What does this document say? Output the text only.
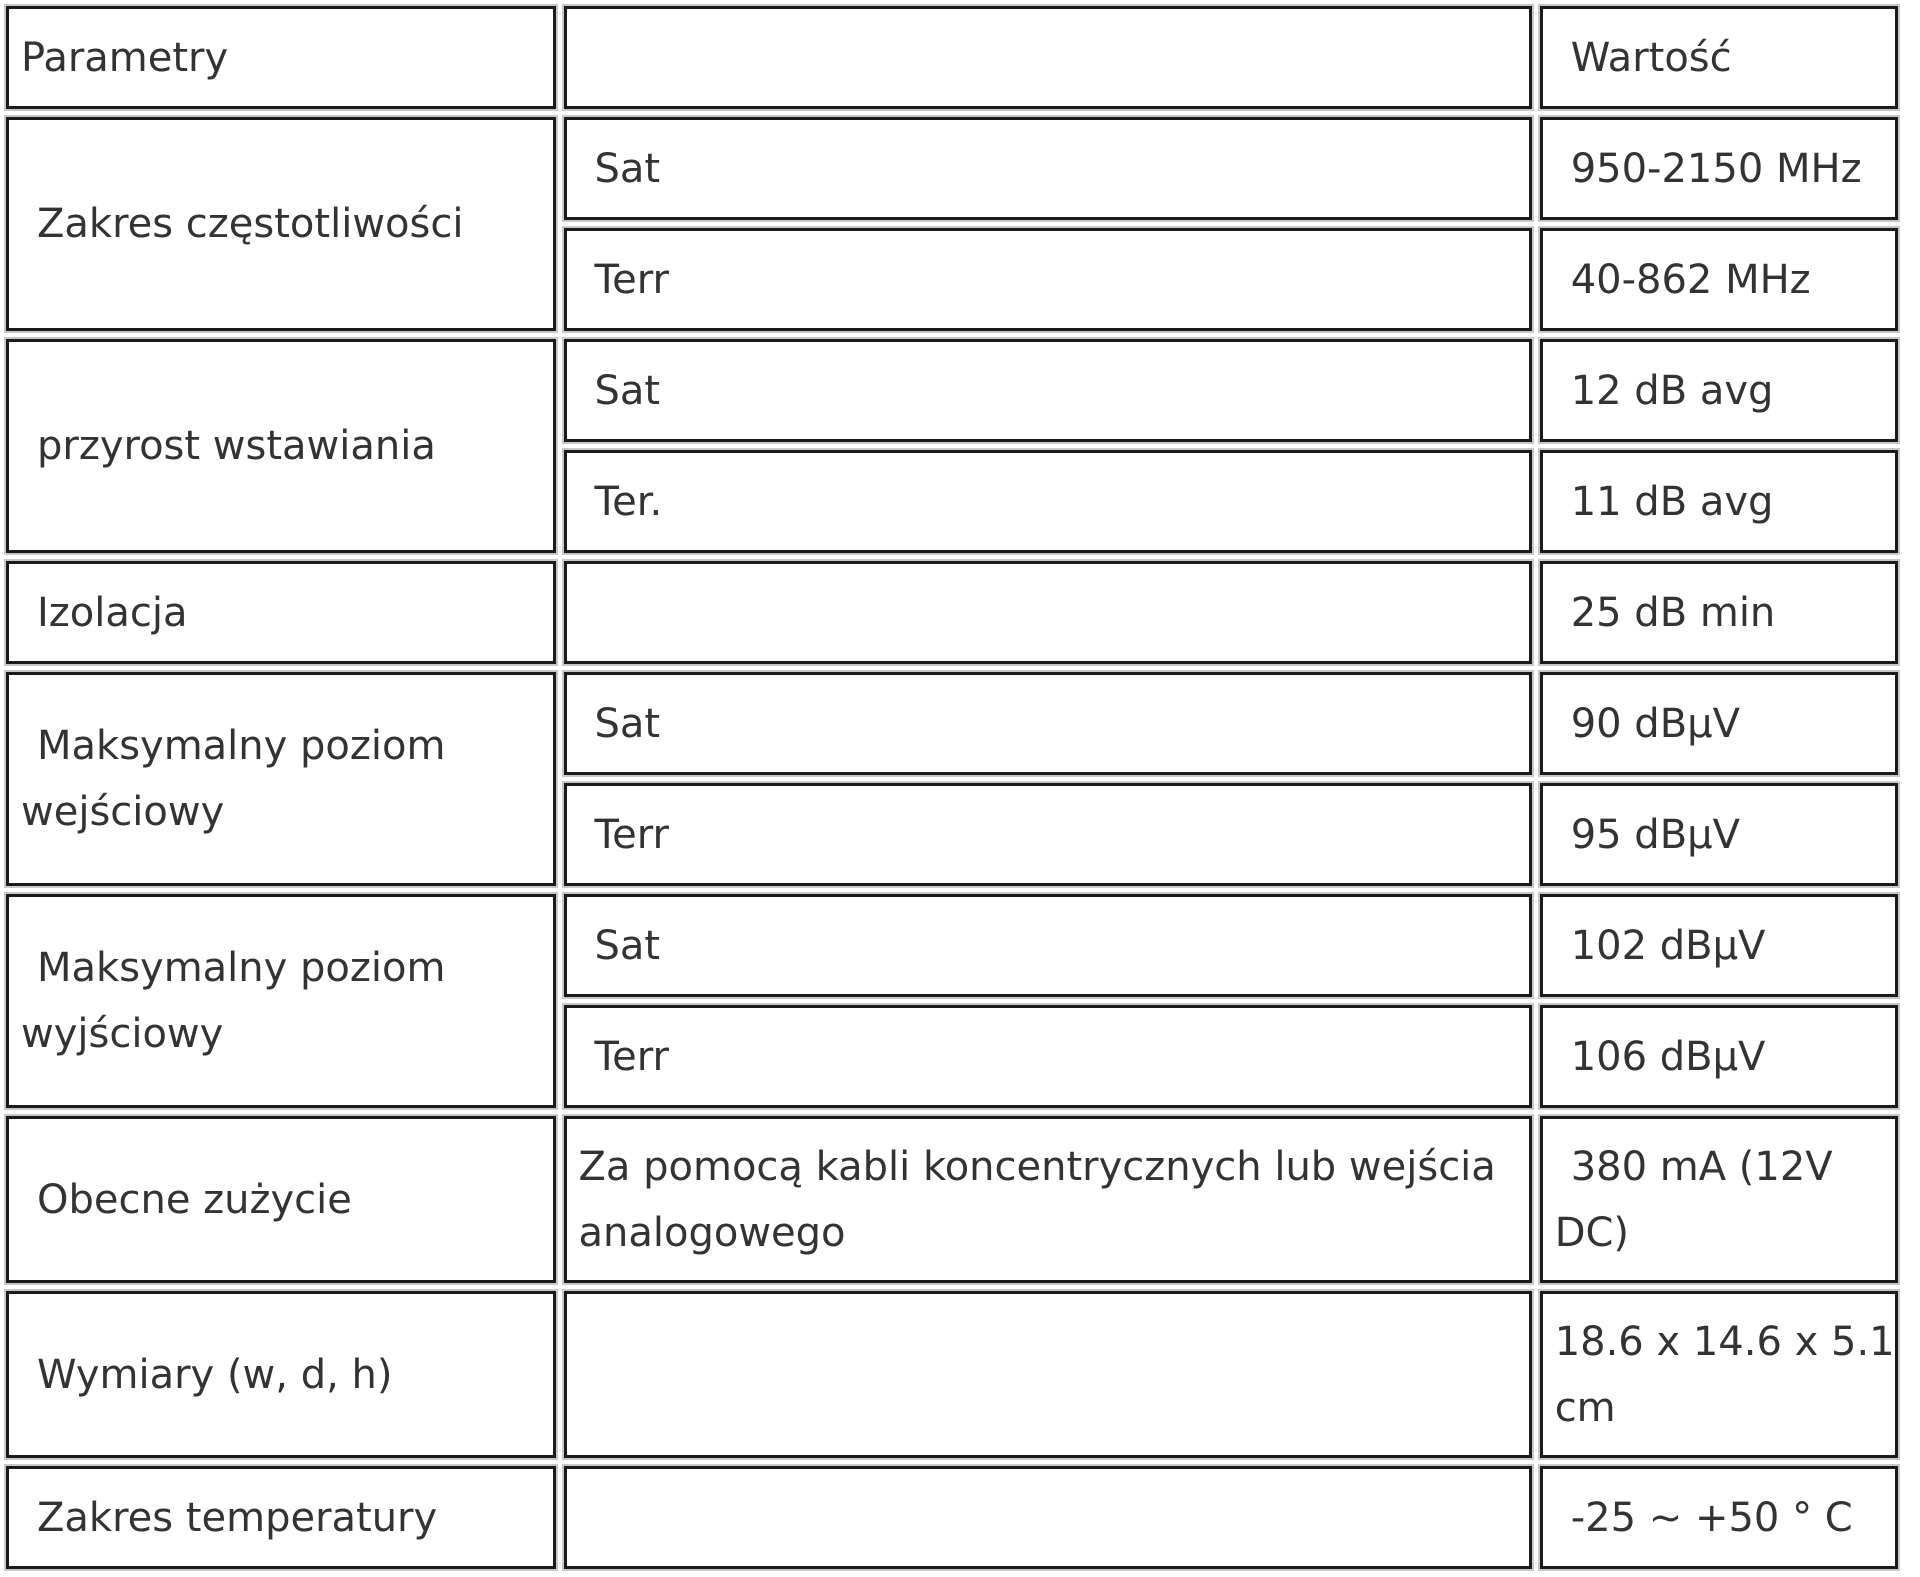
Parametry		Wartość
Zakres częstotliwości	Sat	950-2150 MHz
	Terr	40-862 MHz
przyrost wstawiania	Sat	12 dB avg
	Ter.	11 dB avg
Izolacja		25 dB min
Maksymalny poziom wejściowy	Sat	90 dBµV
	Terr	95 dBµV
Maksymalny poziom wyjściowy	Sat	102 dBµV
	Terr	106 dBµV
Obecne zużycie	Za pomocą kabli koncentrycznych lub wejścia analogowego	380 mA (12V DC)
Wymiary (w, d, h)		18.6 x 14.6 x 5.1 cm
Zakres temperatury		-25 ~ +50 ° C
